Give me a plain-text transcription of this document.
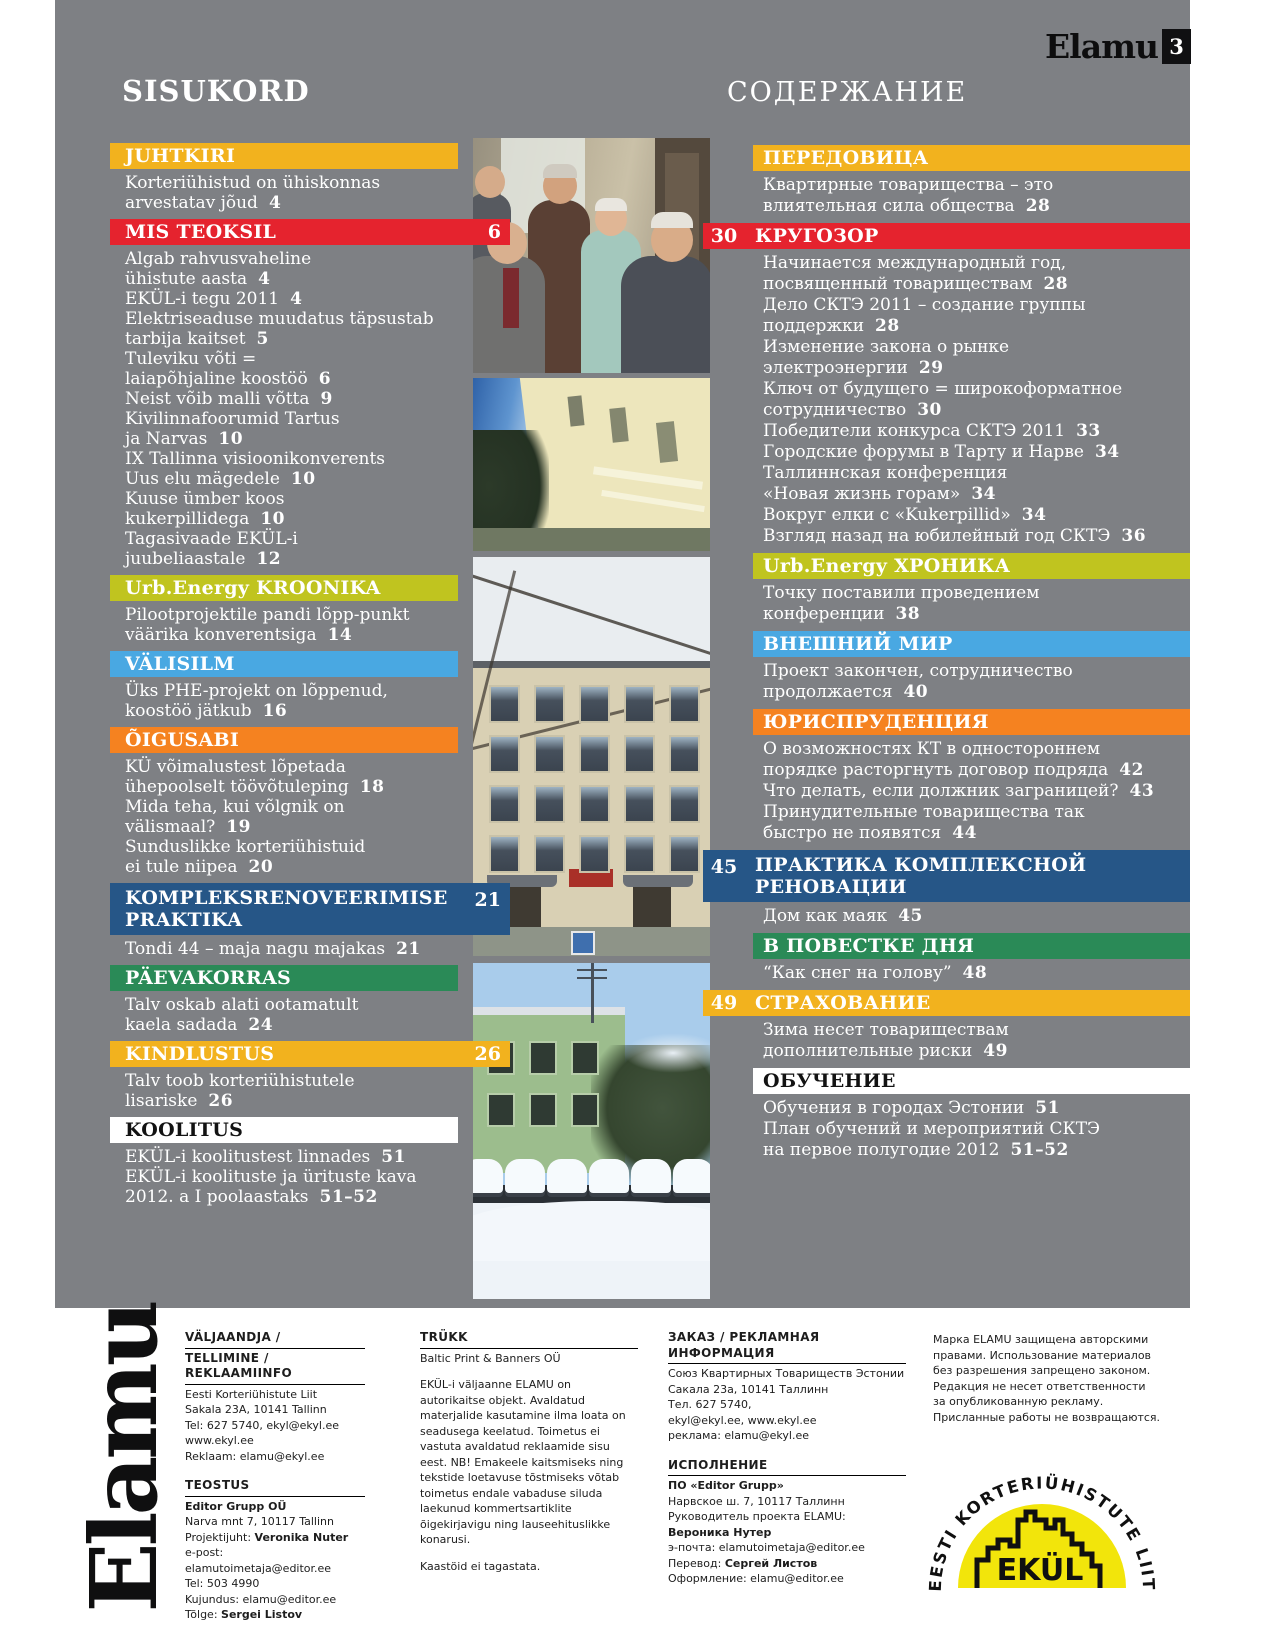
Elamu 3
SISUKORD	СОДЕРЖАНИЕ
JUHTKIRI
Korteriühistud on ühiskonnas
arvestatav jõud 4
MIS TEOKSIL	6
Algab rahvusvaheline
ühistute aasta 4
EKÜL-i tegu 2011 4
Elektriseaduse muudatus täpsustab
tarbija kaitset 5
Tuleviku võti =
laiapõhjaline koostöö 6
Neist võib malli võtta 9
Kivilinnafoorumid Tartus
ja Narvas 10
IX Tallinna visioonikonverents
Uus elu mägedele 10
Kuuse ümber koos
kukerpillidega 10
Tagasivaade EKÜL-i
juubeliaastale 12
Urb.Energy KROONIKA
Pilootprojektile pandi lõpp-punkt
väärika konverentsiga 14
VÄLISILM
Üks PHE-projekt on lõppenud,
koostöö jätkub 16
ÕIGUSABI
KÜ võimalustest lõpetada
ühepoolselt töövõtuleping 18
Mida teha, kui võlgnik on
välismaal? 19
Sunduslikke korteriühistuid
ei tule niipea 20
KOMPLEKSRENOVEERIMISE
PRAKTIKA
21
Tondi 44 – maja nagu majakas 21
PÄEVAKORRAS
Talv oskab alati ootamatult
kaela sadada 24
KINDLUSTUS	26
Talv toob korteriühistutele
lisariske 26
KOOLITUS
EKÜL-i koolitustest linnades 51
EKÜL-i koolituste ja ürituste kava
2012. a I poolaastaks 51–52
ПЕРЕДОВИЦА
Квартирные товарищества – это
влиятельная сила общества 28
30 КРУГОЗОР
Начинается международный год,
посвященный товариществам 28
Дело СКТЭ 2011 – создание группы
поддержки 28
Изменение закона о рынке
электроэнергии 29
Ключ от будущего = широкоформатное
сотрудничество 30
Победители конкурса СКТЭ 2011 33
Городские форумы в Тарту и Нарве 34
Таллиннская конференция
«Новая жизнь горам» 34
Вокруг елки с «Kukerpillid» 34
Взгляд назад на юбилейный год СКТЭ 36
Urb.Energy ХРОНИКА
Точку поставили проведением
конференции 38
ВНЕШНИЙ МИР
Проект закончен, сотрудничество
продолжается 40
ЮРИСПРУДЕНЦИЯ
О возможностях КТ в одностороннем
порядке расторгнуть договор подряда 42
Что делать, если должник заграницей? 43
Принудительные товарищества так
быстро не появятся 44
45 ПРАКТИКА КОМПЛЕКСНОЙ
РЕНОВАЦИИ
Дом как маяк 45
В ПОВЕСТКЕ ДНЯ
“Как снег на голову” 48
49 СТРАХОВАНИЕ
Зима несет товариществам
дополнительные риски 49
ОБУЧЕНИЕ
Обучения в городах Эстонии 51
План обучений и мероприятий СКТЭ
на первое полугодие 2012 51–52
Elamu VÄLJAANDJA /
TELLIMINE / REKLAAMIINFO
Eesti Korteriühistute Liit
Sakala 23A, 10141 Tallinn
Tel: 627 5740, ekyl@ekyl.ee
www.ekyl.ee
Reklaam: elamu@ekyl.ee
TEOSTUS
Editor Grupp OÜ
Narva mnt 7, 10117 Tallinn
Projektijuht: Veronika Nuter
e-post: elamutoimetaja@editor.ee
Tel: 503 4990
Kujundus: elamu@editor.ee
Tõlge: Sergei Listov
TRÜKK
Baltic Print & Banners OÜ
EKÜL-i väljaanne ELAMU on autorikaitse objekt. Avaldatud materjalide kasutamine ilma loata on seadusega keelatud. Toimetus ei vastuta avaldatud reklaamide sisu eest. NB! Emakeele kaitsmiseks ning tekstide loetavuse tõstmiseks võtab toimetus endale vabaduse siluda laekunud kommertsartiklite õigekirjavigu ning lauseehituslikke konarusi.
Kaastöid ei tagastata.
ЗАКАЗ / РЕКЛАМНАЯ ИНФОРМАЦИЯ
Союз Квартирных Товариществ Эстонии
Сакала 23а, 10141 Таллинн
Тел. 627 5740,
ekyl@ekyl.ee, www.ekyl.ee
реклама: elamu@ekyl.ee
ИСПОЛНЕНИЕ
ПО «Editor Grupp»
Нарвское ш. 7, 10117 Таллинн
Руководитель проекта ELAMU: Вероника Нутер
э-почта: elamutoimetaja@editor.ee
Перевод: Сергей Листов
Оформление: elamu@editor.ee
Марка ELAMU защищена авторскими правами. Использование материалов без разрешения запрещено законом. Редакция не несет ответственности за опубликованную рекламу. Присланные работы не возвращаются.
EESTI KORTERIÜHISTUTE LIIT
EKÜL
